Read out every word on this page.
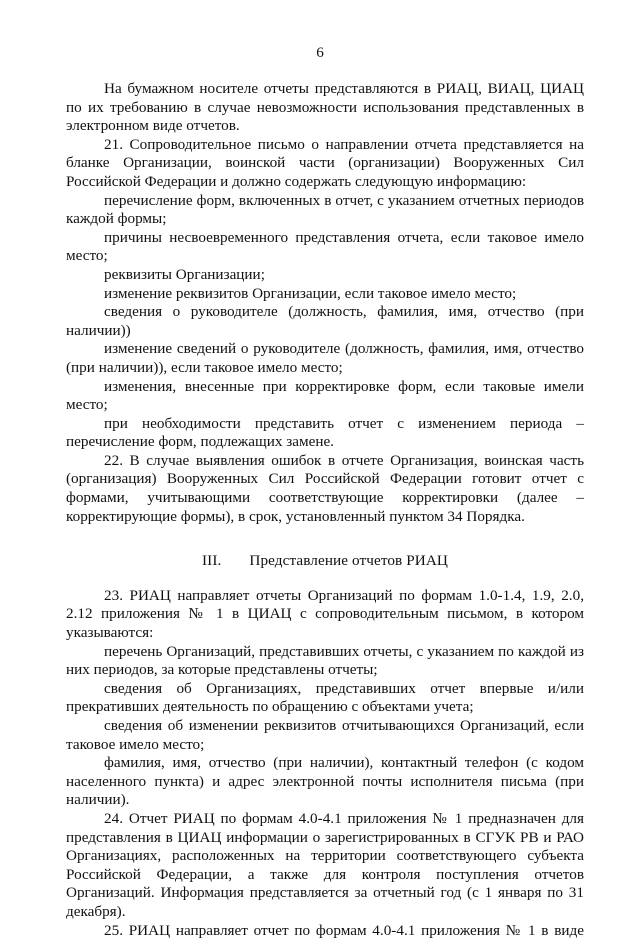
6

На бумажном носителе отчеты представляются в РИАЦ, ВИАЦ, ЦИАЦ по их требованию в случае невозможности использования представленных в электронном виде отчетов.

21. Сопроводительное письмо о направлении отчета представляется на бланке Организации, воинской части (организации) Вооруженных Сил Российской Федерации и должно содержать следующую информацию:

перечисление форм, включенных в отчет, с указанием отчетных периодов каждой формы;

причины несвоевременного представления отчета, если таковое имело место;

реквизиты Организации;

изменение реквизитов Организации, если таковое имело место;

сведения о руководителе (должность, фамилия, имя, отчество (при наличии))

изменение сведений о руководителе (должность, фамилия, имя, отчество (при наличии)), если таковое имело место;

изменения, внесенные при корректировке форм, если таковые имели место;

при необходимости представить отчет с изменением периода – перечисление форм, подлежащих замене.

22. В случае выявления ошибок в отчете Организация, воинская часть (организация) Вооруженных Сил Российской Федерации готовит отчет с формами, учитывающими соответствующие корректировки (далее – корректирующие формы), в срок, установленный пунктом 34 Порядка.

III. Представление отчетов РИАЦ

23. РИАЦ направляет отчеты Организаций по формам 1.0-1.4, 1.9, 2.0, 2.12 приложения № 1 в ЦИАЦ с сопроводительным письмом, в котором указываются:

перечень Организаций, представивших отчеты, с указанием по каждой из них периодов, за которые представлены отчеты;

сведения об Организациях, представивших отчет впервые и/или прекративших деятельность по обращению с объектами учета;

сведения об изменении реквизитов отчитывающихся Организаций, если таковое имело место;

фамилия, имя, отчество (при наличии), контактный телефон (с кодом населенного пункта) и адрес электронной почты исполнителя письма (при наличии).

24. Отчет РИАЦ по формам 4.0-4.1 приложения № 1 предназначен для представления в ЦИАЦ информации о зарегистрированных в СГУК РВ и РАО Организациях, расположенных на территории соответствующего субъекта Российской Федерации, а также для контроля поступления отчетов Организаций. Информация представляется за отчетный год (с 1 января по 31 декабря).

25. РИАЦ направляет отчет по формам 4.0-4.1 приложения № 1 в виде
